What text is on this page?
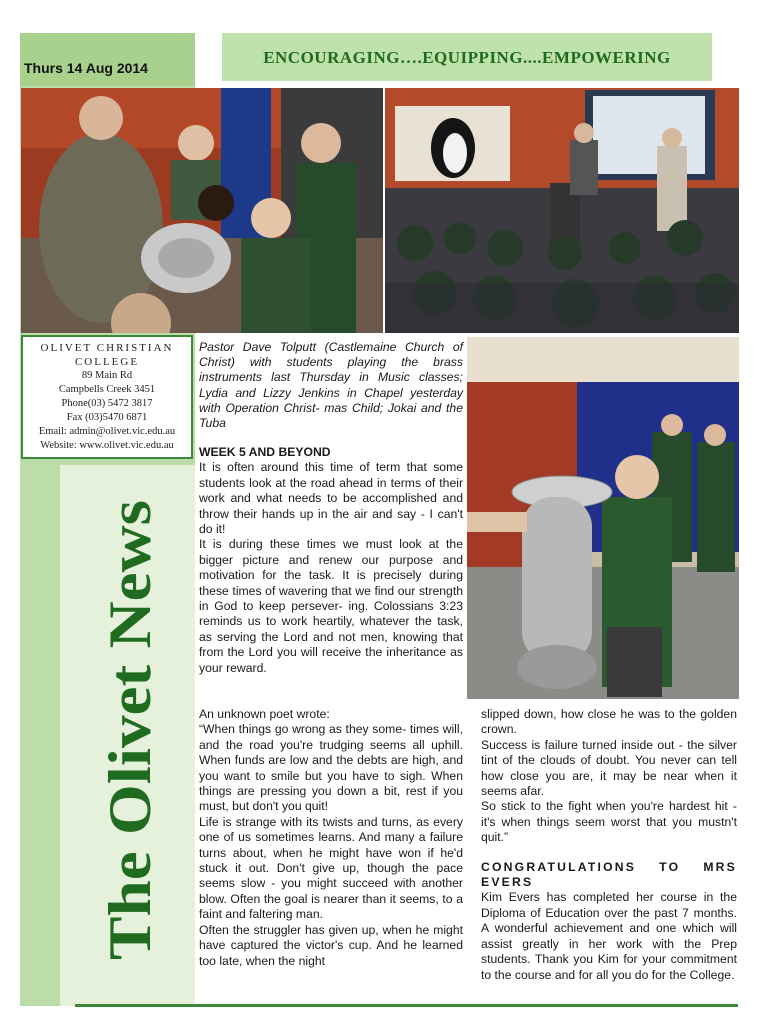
Thurs 14 Aug 2014
ENCOURAGING….EQUIPPING....EMPOWERING
OLIVET CHRISTIAN
COLLEGE
89 Main Rd
Campbells Creek 3451
Phone(03) 5472 3817
Fax (03)5470 6871
Email: admin@olivet.vic.edu.au
Website: www.olivet.vic.edu.au
The Olivet News
Pastor Dave Tolputt (Castlemaine Church of Christ) with students playing the brass instruments last Thursday in Music classes; Lydia and Lizzy Jenkins in Chapel yesterday with Operation Christ- mas Child; Jokai and the Tuba

WEEK 5 AND BEYOND

It is often around this time of term that some students look at the road ahead in terms of their work and what needs to be accomplished and throw their hands up in the air and say - I can't do it!

It is during these times we must look at the bigger picture and renew our purpose and motivation for the task. It is precisely during these times of wavering that we find our strength in God to keep persever- ing. Colossians 3:23 reminds us to work heartily, whatever the task, as serving the Lord and not men, knowing that from the Lord you will receive the inheritance as your reward.

An unknown poet wrote:

“When things go wrong as they some- times will, and the road you're trudging seems all uphill. When funds are low and the debts are high, and you want to smile but you have to sigh. When things are pressing you down a bit, rest if you must, but don't you quit!

Life is strange with its twists and turns, as every one of us sometimes learns. And many a failure turns about, when he might have won if he'd stuck it out. Don't give up, though the pace seems slow - you might succeed with another blow. Often the goal is nearer than it seems, to a faint and faltering man.

Often the struggler has given up, when he might have captured the victor's cup. And he learned too late, when the night

slipped down, how close he was to the golden crown.

Success is failure turned inside out - the silver tint of the clouds of doubt. You never can tell how close you are, it may be near when it seems afar.

So stick to the fight when you're hardest hit - it's when things seem worst that you mustn't quit.”

CONGRATULATIONS TO MRS EVERS

Kim Evers has completed her course in the Diploma of Education over the past 7 months. A wonderful achievement and one which will assist greatly in her work with the Prep students. Thank you Kim for your commitment to the course and for all you do for the College.
